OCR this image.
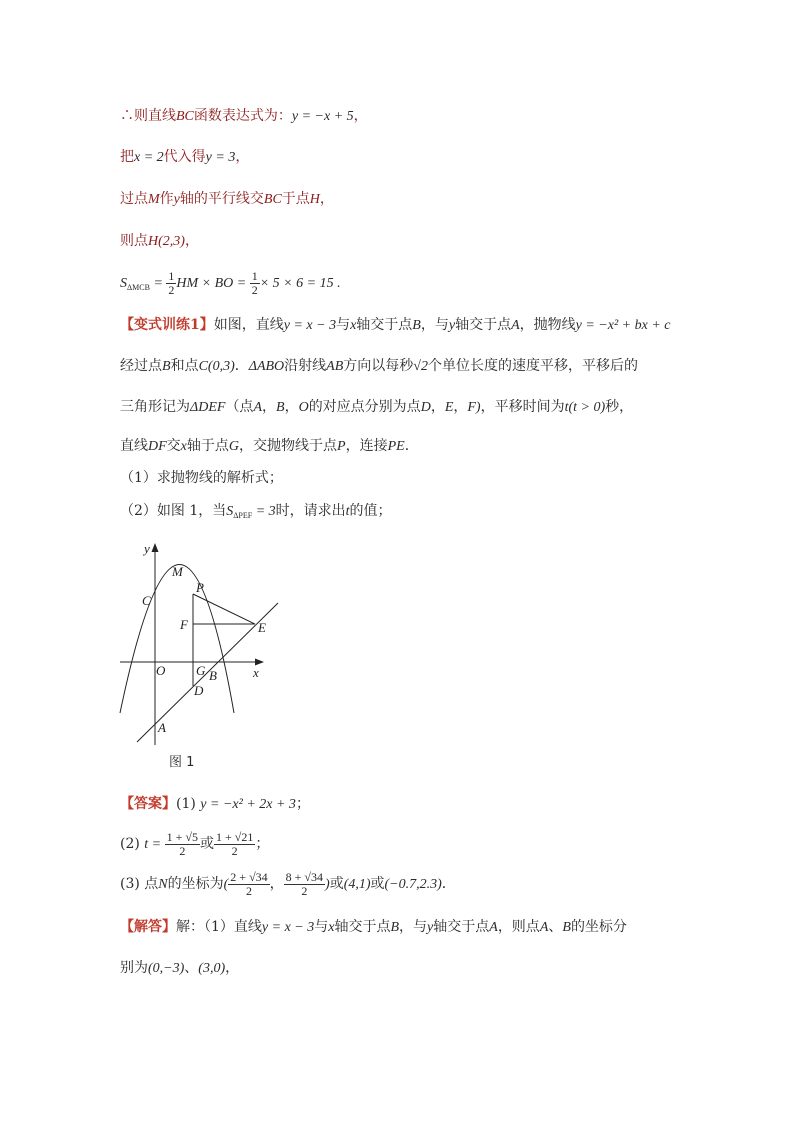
∴则直线BC函数表达式为：y = −x + 5，
把x = 2代入得y = 3，
过点M作y轴的平行线交BC于点H，
则点H(2,3)，
$S_{\Delta MCB} = \frac{1}{2}$ HM × BO = $\frac{1}{2} \times 5 \times 6 = 15$ .
【变式训练1】如图，直线y = x − 3与x轴交于点B，与y轴交于点A，抛物线y = −x² + bx + c
经过点B和点C(0,3)．ΔABO沿射线AB方向以每秒√2个单位长度的速度平移，平移后的
三角形记为ΔDEF（点A，B，O的对应点分别为点D，E，F)，平移时间为t(t > 0)秒，
直线DF交x轴于点G，交抛物线于点P，连接PE．
（1）求抛物线的解析式；
（2）如图 1，当$S_{\Delta PEF} = 3$时，请求出t的值；
y
M
P
C
F	E
O G	x
B
D
A
图 1
【答案】(1) y = −x² + 2x + 3；
(2) $t = \frac{1 + √5}{2}$ 或 $\frac{1 + √21}{2}$ ；
(3) 点N的坐标为( $\frac{2 + √34}{2}$ ， $\frac{8 + √34}{2}$ )或(4,1)或(−0.7,2.3)．
【解答】解：（1）直线y = x − 3与x轴交于点B，与y轴交于点A，则点A、B的坐标分
别为(0,−3)、(3,0)，
